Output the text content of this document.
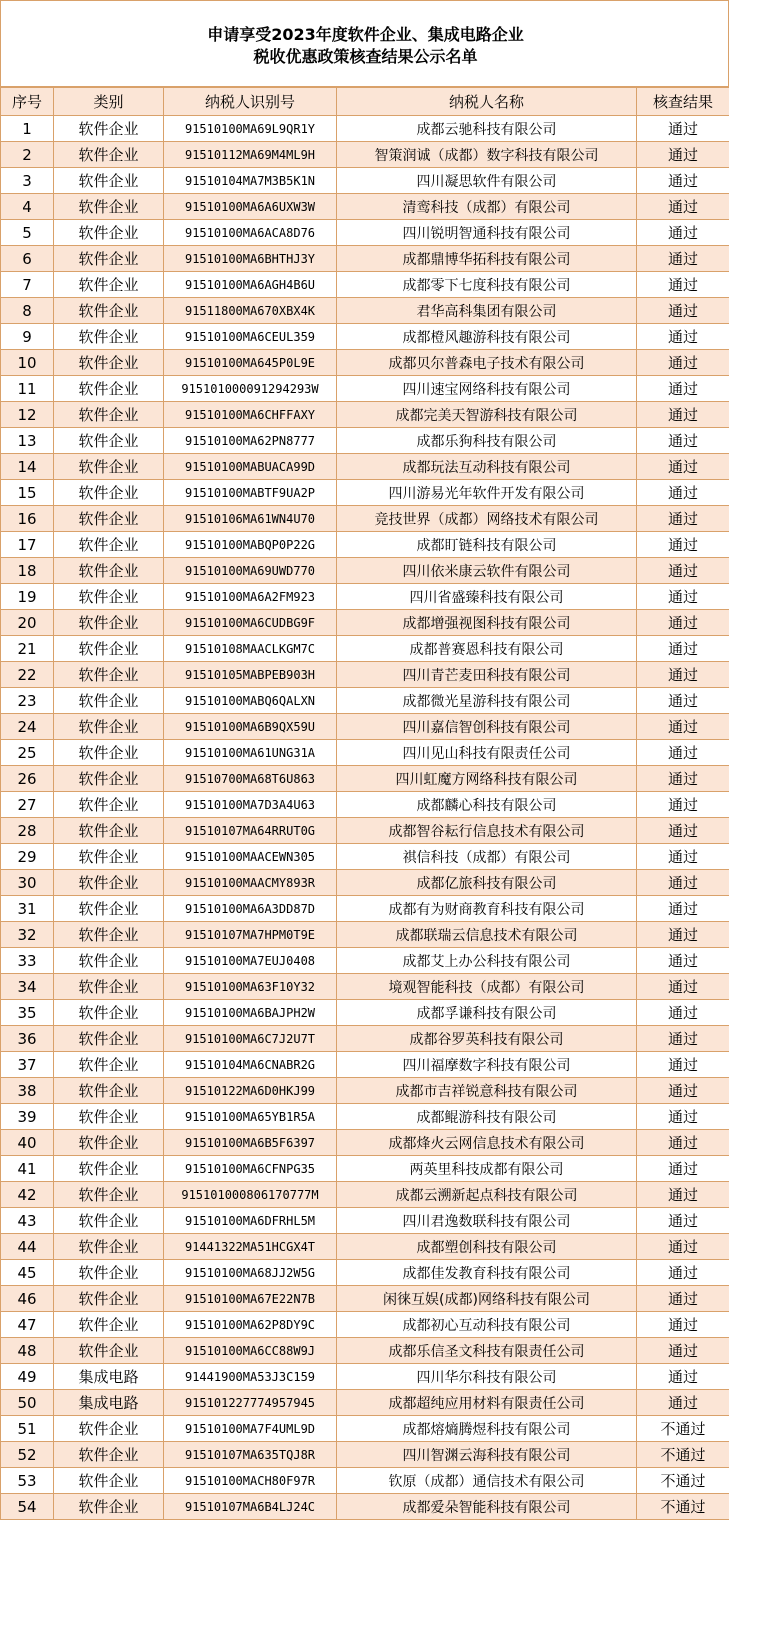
申请享受2023年度软件企业、集成电路企业
税收优惠政策核查结果公示名单
序号	类别	纳税人识别号	纳税人名称	核查结果
1	软件企业	91510100MA69L9QR1Y	成都云驰科技有限公司	通过
2	软件企业	91510112MA69M4ML9H	智策润诚（成都）数字科技有限公司	通过
3	软件企业	91510104MA7M3B5K1N	四川凝思软件有限公司	通过
4	软件企业	91510100MA6A6UXW3W	清鸾科技（成都）有限公司	通过
5	软件企业	91510100MA6ACA8D76	四川锐明智通科技有限公司	通过
6	软件企业	91510100MA6BHTHJ3Y	成都鼎博华拓科技有限公司	通过
7	软件企业	91510100MA6AGH4B6U	成都零下七度科技有限公司	通过
8	软件企业	91511800MA670XBX4K	君华高科集团有限公司	通过
9	软件企业	91510100MA6CEUL359	成都橙风趣游科技有限公司	通过
10	软件企业	91510100MA645P0L9E	成都贝尔普森电子技术有限公司	通过
11	软件企业	915101000091294293W	四川速宝网络科技有限公司	通过
12	软件企业	91510100MA6CHFFAXY	成都完美天智游科技有限公司	通过
13	软件企业	91510100MA62PN8777	成都乐狗科技有限公司	通过
14	软件企业	91510100MABUACA99D	成都玩法互动科技有限公司	通过
15	软件企业	91510100MABTF9UA2P	四川游易光年软件开发有限公司	通过
16	软件企业	91510106MA61WN4U70	竞技世界（成都）网络技术有限公司	通过
17	软件企业	91510100MABQP0P22G	成都盯链科技有限公司	通过
18	软件企业	91510100MA69UWD770	四川依米康云软件有限公司	通过
19	软件企业	91510100MA6A2FM923	四川省盛臻科技有限公司	通过
20	软件企业	91510100MA6CUDBG9F	成都增强视图科技有限公司	通过
21	软件企业	91510108MAACLKGM7C	成都普赛恩科技有限公司	通过
22	软件企业	91510105MABPEB903H	四川青芒麦田科技有限公司	通过
23	软件企业	91510100MABQ6QALXN	成都微光星游科技有限公司	通过
24	软件企业	91510100MA6B9QX59U	四川嘉信智创科技有限公司	通过
25	软件企业	91510100MA61UNG31A	四川见山科技有限责任公司	通过
26	软件企业	91510700MA68T6U863	四川虹魔方网络科技有限公司	通过
27	软件企业	91510100MA7D3A4U63	成都麟心科技有限公司	通过
28	软件企业	91510107MA64RRUT0G	成都智谷耘行信息技术有限公司	通过
29	软件企业	91510100MAACEWN305	祺信科技（成都）有限公司	通过
30	软件企业	91510100MAACMY893R	成都亿旅科技有限公司	通过
31	软件企业	91510100MA6A3DD87D	成都有为财商教育科技有限公司	通过
32	软件企业	91510107MA7HPM0T9E	成都联瑞云信息技术有限公司	通过
33	软件企业	91510100MA7EUJ0408	成都艾上办公科技有限公司	通过
34	软件企业	91510100MA63F10Y32	境观智能科技（成都）有限公司	通过
35	软件企业	91510100MA6BAJPH2W	成都孚谦科技有限公司	通过
36	软件企业	91510100MA6C7J2U7T	成都谷罗英科技有限公司	通过
37	软件企业	91510104MA6CNABR2G	四川福摩数字科技有限公司	通过
38	软件企业	91510122MA6D0HKJ99	成都市吉祥锐意科技有限公司	通过
39	软件企业	91510100MA65YB1R5A	成都鲲游科技有限公司	通过
40	软件企业	91510100MA6B5F6397	成都烽火云网信息技术有限公司	通过
41	软件企业	91510100MA6CFNPG35	两英里科技成都有限公司	通过
42	软件企业	915101000806170777M	成都云溯新起点科技有限公司	通过
43	软件企业	91510100MA6DFRHL5M	四川君逸数联科技有限公司	通过
44	软件企业	91441322MA51HCGX4T	成都塑创科技有限公司	通过
45	软件企业	91510100MA68JJ2W5G	成都佳发教育科技有限公司	通过
46	软件企业	91510100MA67E22N7B	闲徕互娱(成都)网络科技有限公司	通过
47	软件企业	91510100MA62P8DY9C	成都初心互动科技有限公司	通过
48	软件企业	91510100MA6CC88W9J	成都乐信圣文科技有限责任公司	通过
49	集成电路	91441900MA53J3C159	四川华尔科技有限公司	通过
50	集成电路	915101227774957945	成都超纯应用材料有限责任公司	通过
51	软件企业	91510100MA7F4UML9D	成都熔熵腾煜科技有限公司	不通过
52	软件企业	91510107MA635TQJ8R	四川智渊云海科技有限公司	不通过
53	软件企业	91510100MACH80F97R	钦原（成都）通信技术有限公司	不通过
54	软件企业	91510107MA6B4LJ24C	成都爱朵智能科技有限公司	不通过
